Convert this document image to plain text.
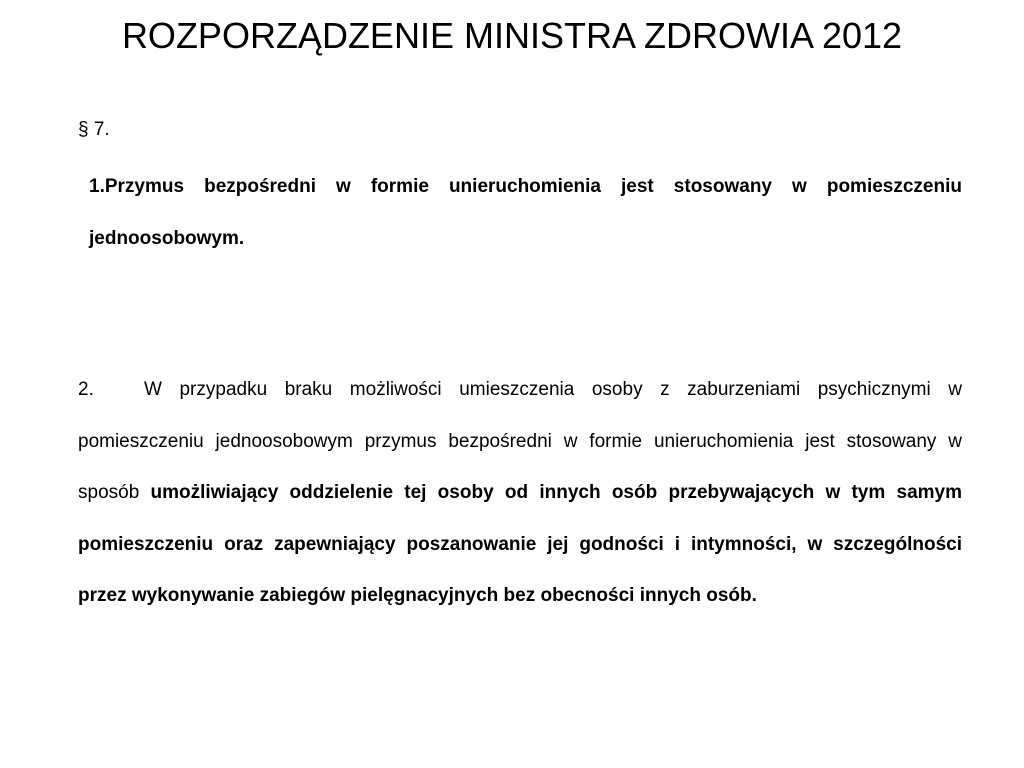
ROZPORZĄDZENIE MINISTRA ZDROWIA 2012

§ 7.

1.Przymus bezpośredni w formie unieruchomienia jest stosowany w pomieszczeniu jednoosobowym.

2.	W przypadku braku możliwości umieszczenia osoby z zaburzeniami psychicznymi w pomieszczeniu jednoosobowym przymus bezpośredni w formie unieruchomienia jest stosowany w sposób umożliwiający oddzielenie tej osoby od innych osób przebywających w tym samym pomieszczeniu oraz zapewniający poszanowanie jej godności i intymności, w szczególności przez wykonywanie zabiegów pielęgnacyjnych bez obecności innych osób.
